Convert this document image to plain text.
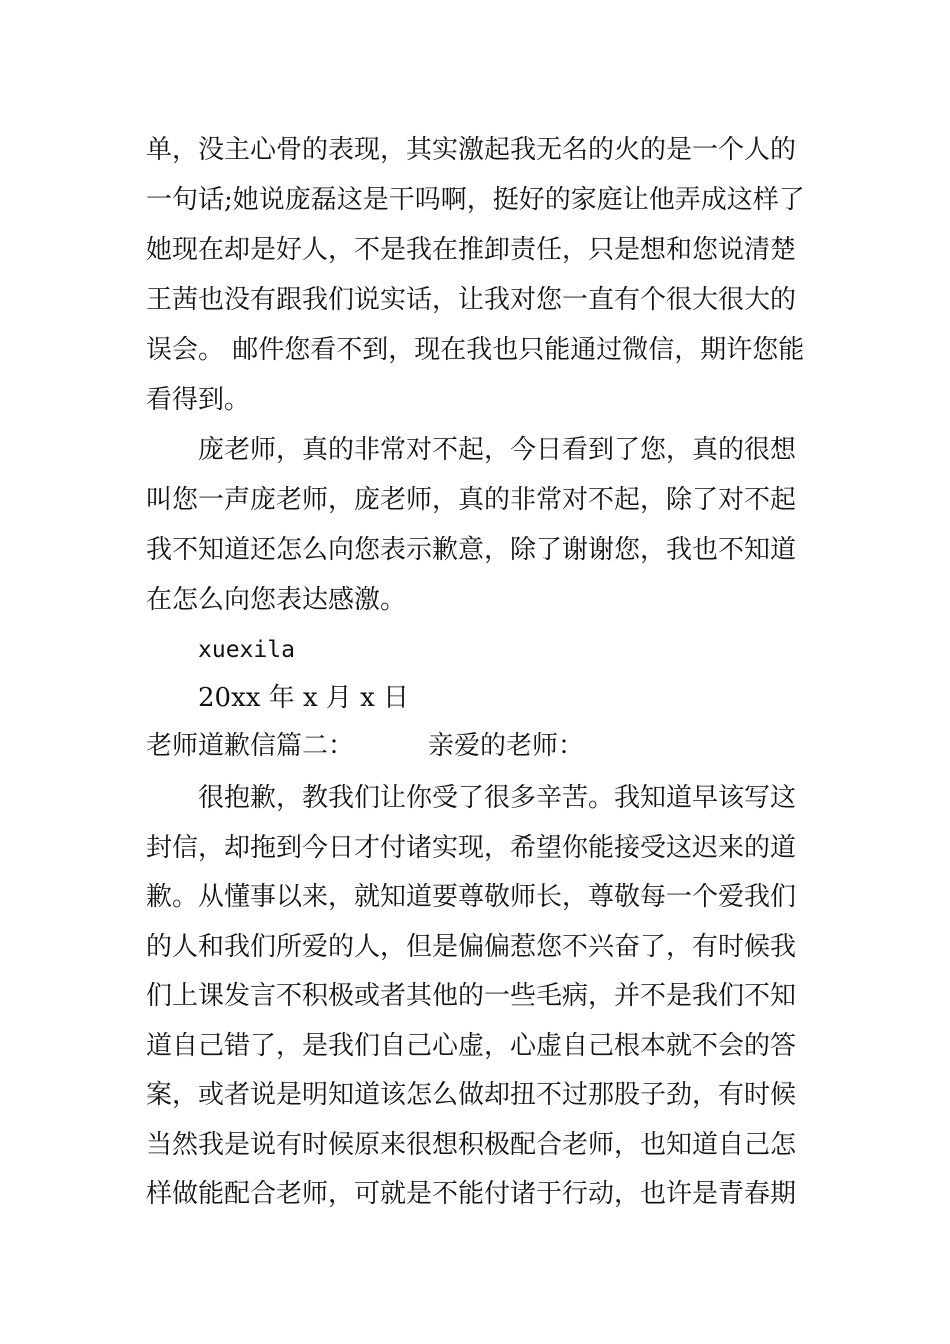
单，没主心骨的表现，其实激起我无名的火的是一个人的
一句话;她说庞磊这是干吗啊，挺好的家庭让他弄成这样了
她现在却是好人，不是我在推卸责任，只是想和您说清楚
王茜也没有跟我们说实话，让我对您一直有个很大很大的
误会。 邮件您看不到，现在我也只能通过微信，期许您能
看得到。
庞老师，真的非常对不起，今日看到了您，真的很想
叫您一声庞老师，庞老师，真的非常对不起，除了对不起
我不知道还怎么向您表示歉意，除了谢谢您，我也不知道
在怎么向您表达感激。
xuexila
20xx 年 x 月 x 日
老师道歉信篇二：	亲爱的老师：
很抱歉，教我们让你受了很多辛苦。我知道早该写这
封信，却拖到今日才付诸实现，希望你能接受这迟来的道
歉。从懂事以来，就知道要尊敬师长，尊敬每一个爱我们
的人和我们所爱的人，但是偏偏惹您不兴奋了，有时候我
们上课发言不积极或者其他的一些毛病，并不是我们不知
道自己错了，是我们自己心虚，心虚自己根本就不会的答
案，或者说是明知道该怎么做却扭不过那股子劲，有时候
当然我是说有时候原来很想积极配合老师，也知道自己怎
样做能配合老师，可就是不能付诸于行动，也许是青春期
